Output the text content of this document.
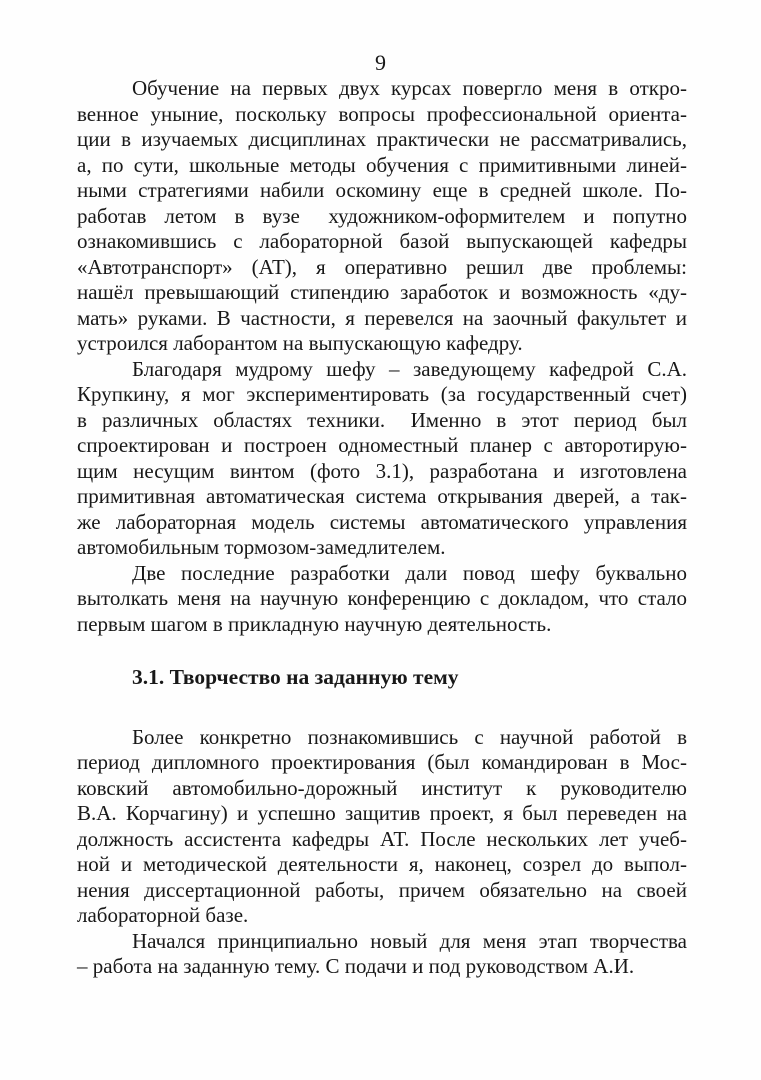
9
Обучение на первых двух курсах повергло меня в откро-
венное уныние, поскольку вопросы профессиональной ориента-
ции в изучаемых дисциплинах практически не рассматривались,
а, по сути, школьные методы обучения с примитивными линей-
ными стратегиями набили оскомину еще в средней школе. По-
работав летом в вузе  художником-оформителем и попутно
ознакомившись с лабораторной базой выпускающей кафедры
«Автотранспорт» (АТ), я оперативно решил две проблемы:
нашёл превышающий стипендию заработок и возможность «ду-
мать» руками. В частности, я перевелся на заочный факультет и
устроился лаборантом на выпускающую кафедру.
Благодаря мудрому шефу – заведующему кафедрой С.А.
Крупкину, я мог экспериментировать (за государственный счет)
в различных областях техники.  Именно в этот период был
спроектирован и построен одноместный планер с авторотирую-
щим несущим винтом (фото 3.1), разработана и изготовлена
примитивная автоматическая система открывания дверей, а так-
же лабораторная модель системы автоматического управления
автомобильным тормозом-замедлителем.
Две последние разработки дали повод шефу буквально
вытолкать меня на научную конференцию с докладом, что стало
первым шагом в прикладную научную деятельность.
3.1. Творчество на заданную тему
Более конкретно познакомившись с научной работой в
период дипломного проектирования (был командирован в Мос-
ковский автомобильно-дорожный институт к руководителю
В.А. Корчагину) и успешно защитив проект, я был переведен на
должность ассистента кафедры АТ. После нескольких лет учеб-
ной и методической деятельности я, наконец, созрел до выпол-
нения диссертационной работы, причем обязательно на своей
лабораторной базе.
Начался принципиально новый для меня этап творчества
– работа на заданную тему. С подачи и под руководством А.И.
